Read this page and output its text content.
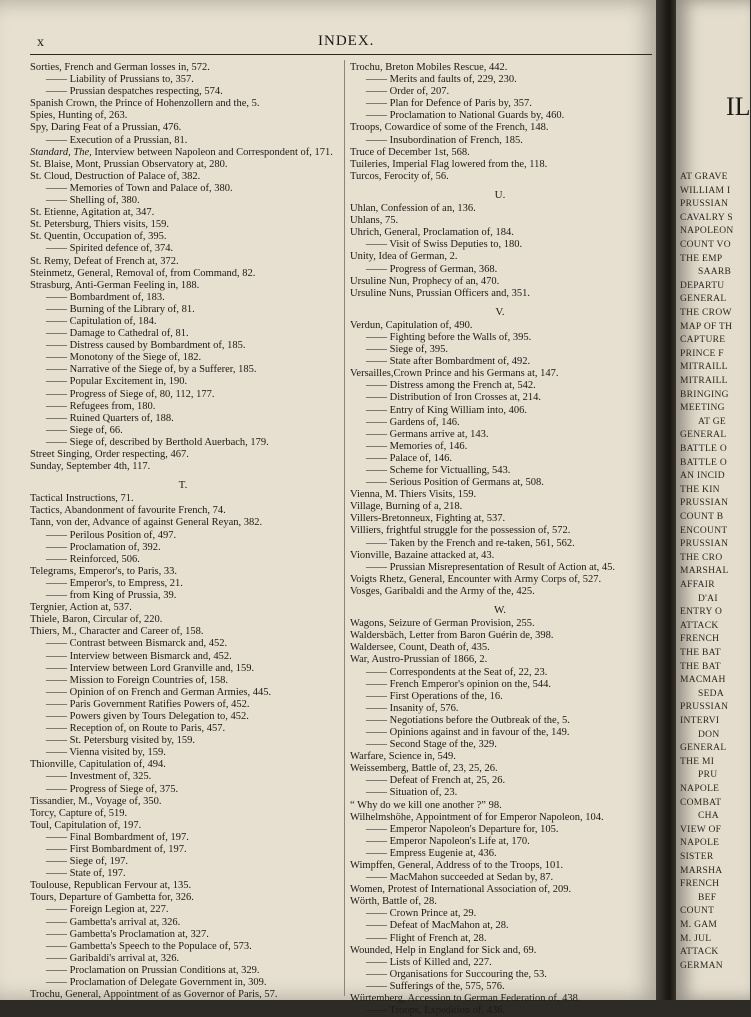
x	INDEX.
Sorties, French and German losses in, 572.
—— Liability of Prussians to, 357.
—— Prussian despatches respecting, 574.
Spanish Crown, the Prince of Hohenzollern and the, 5.
Spies, Hunting of, 263.
Spy, Daring Feat of a Prussian, 476.
—— Execution of a Prussian, 81.
Standard, The, Interview between Napoleon and Correspondent of, 171.
St. Blaise, Mont, Prussian Observatory at, 280.
St. Cloud, Destruction of Palace of, 382.
—— Memories of Town and Palace of, 380.
—— Shelling of, 380.
St. Etienne, Agitation at, 347.
St. Petersburg, Thiers visits, 159.
St. Quentin, Occupation of, 395.
—— Spirited defence of, 374.
St. Remy, Defeat of French at, 372.
Steinmetz, General, Removal of, from Command, 82.
Strasburg, Anti-German Feeling in, 188.
—— Bombardment of, 183.
—— Burning of the Library of, 81.
—— Capitulation of, 184.
—— Damage to Cathedral of, 81.
—— Distress caused by Bombardment of, 185.
—— Monotony of the Siege of, 182.
—— Narrative of the Siege of, by a Sufferer, 185.
—— Popular Excitement in, 190.
—— Progress of Siege of, 80, 112, 177.
—— Refugees from, 180.
—— Ruined Quarters of, 188.
—— Siege of, 66.
—— Siege of, described by Berthold Auerbach, 179.
Street Singing, Order respecting, 467.
Sunday, September 4th, 117.
T.
Tactical Instructions, 71.
Tactics, Abandonment of favourite French, 74.
Tann, von der, Advance of against General Reyan, 382.
—— Perilous Position of, 497.
—— Proclamation of, 392.
—— Reinforced, 506.
Telegrams, Emperor's, to Paris, 33.
—— Emperor's, to Empress, 21.
—— from King of Prussia, 39.
Tergnier, Action at, 537.
Thiele, Baron, Circular of, 220.
Thiers, M., Character and Career of, 158.
—— Contrast between Bismarck and, 452.
—— Interview between Bismarck and, 452.
—— Interview between Lord Granville and, 159.
—— Mission to Foreign Countries of, 158.
—— Opinion of on French and German Armies, 445.
—— Paris Government Ratifies Powers of, 452.
—— Powers given by Tours Delegation to, 452.
—— Reception of, on Route to Paris, 457.
—— St. Petersburg visited by, 159.
—— Vienna visited by, 159.
Thionville, Capitulation of, 494.
—— Investment of, 325.
—— Progress of Siege of, 375.
Tissandier, M., Voyage of, 350.
Torcy, Capture of, 519.
Toul, Capitulation of, 197.
—— Final Bombardment of, 197.
—— First Bombardment of, 197.
—— Siege of, 197.
—— State of, 197.
Toulouse, Republican Fervour at, 135.
Tours, Departure of Gambetta for, 326.
—— Foreign Legion at, 227.
—— Gambetta's arrival at, 326.
—— Gambetta's Proclamation at, 327.
—— Gambetta's Speech to the Populace of, 573.
—— Garibaldi's arrival at, 326.
—— Proclamation on Prussian Conditions at, 329.
—— Proclamation of Delegate Government in, 309.
Trochu, General, Appointment of as Governor of Paris, 57.
Trochu, Breton Mobiles Rescue, 442.
—— Merits and faults of, 229, 230.
—— Order of, 207.
—— Plan for Defence of Paris by, 357.
—— Proclamation to National Guards by, 460.
Troops, Cowardice of some of the French, 148.
—— Insubordination of French, 185.
Truce of December 1st, 568.
Tuileries, Imperial Flag lowered from the, 118.
Turcos, Ferocity of, 56.
U.
Uhlan, Confession of an, 136.
Uhlans, 75.
Uhrich, General, Proclamation of, 184.
—— Visit of Swiss Deputies to, 180.
Unity, Idea of German, 2.
—— Progress of German, 368.
Ursuline Nun, Prophecy of an, 470.
Ursuline Nuns, Prussian Officers and, 351.
V.
Verdun, Capitulation of, 490.
—— Fighting before the Walls of, 395.
—— Siege of, 395.
—— State after Bombardment of, 492.
Versailles,Crown Prince and his Germans at, 147.
—— Distress among the French at, 542.
—— Distribution of Iron Crosses at, 214.
—— Entry of King William into, 406.
—— Gardens of, 146.
—— Germans arrive at, 143.
—— Memories of, 146.
—— Palace of, 146.
—— Scheme for Victualling, 543.
—— Serious Position of Germans at, 508.
Vienna, M. Thiers Visits, 159.
Village, Burning of a, 218.
Villers-Bretonneux, Fighting at, 537.
Villiers, frightful struggle for the possession of, 572.
—— Taken by the French and re-taken, 561, 562.
Vionville, Bazaine attacked at, 43.
—— Prussian Misrepresentation of Result of Action at, 45.
Voigts Rhetz, General, Encounter with Army Corps of, 527.
Vosges, Garibaldi and the Army of the, 425.
W.
Wagons, Seizure of German Provision, 255.
Waldersbäch, Letter from Baron Guérin de, 398.
Waldersee, Count, Death of, 435.
War, Austro-Prussian of 1866, 2.
—— Correspondents at the Seat of, 22, 23.
—— French Emperor's opinion on the, 544.
—— First Operations of the, 16.
—— Insanity of, 576.
—— Negotiations before the Outbreak of the, 5.
—— Opinions against and in favour of the, 149.
—— Second Stage of the, 329.
Warfare, Science in, 549.
Weissemberg, Battle of, 23, 25, 26.
—— Defeat of French at, 25, 26.
—— Situation of, 23.
“ Why do we kill one another ?” 98.
Wilhelmshöhe, Appointment of for Emperor Napoleon, 104.
—— Emperor Napoleon's Departure for, 105.
—— Emperor Napoleon's Life at, 170.
—— Empress Eugenie at, 436.
Wimpffen, General, Address of to the Troops, 101.
—— MacMahon succeeded at Sedan by, 87.
Women, Protest of International Association of, 209.
Wörth, Battle of, 28.
—— Crown Prince at, 29.
—— Defeat of MacMahon at, 28.
—— Flight of French at, 28.
Wounded, Help in England for Sick and, 69.
—— Lists of Killed and, 227.
—— Organisations for Succouring the, 53.
—— Sufferings of the, 575, 576.
Würtemberg, Accession to German Federation of, 438.
—— Troops, Expedition of, 436.
IL
AT GRAVE
WILLIAM I
PRUSSIAN
CAVALRY S
NAPOLEON
COUNT VO
THE EMP
SAARB
DEPARTU
GENERAL
THE CROW
MAP OF TH
CAPTURE
PRINCE F
MITRAILL
MITRAILL
BRINGING
MEETING
AT GE
GENERAL
BATTLE O
BATTLE O
AN INCID
THE KIN
PRUSSIAN
COUNT B
ENCOUNT
PRUSSIAN
THE CRO
MARSHAL
AFFAIR
D'AI
ENTRY O
ATTACK
FRENCH
THE BAT
THE BAT
MACMAH
SEDA
PRUSSIAN
INTERVI
DON
GENERAL
THE MI
PRU
NAPOLE
COMBAT
CHA
VIEW OF
NAPOLE
SISTER
MARSHA
FRENCH
BEF
COUNT
M. GAM
M. JUL
ATTACK
GERMAN
